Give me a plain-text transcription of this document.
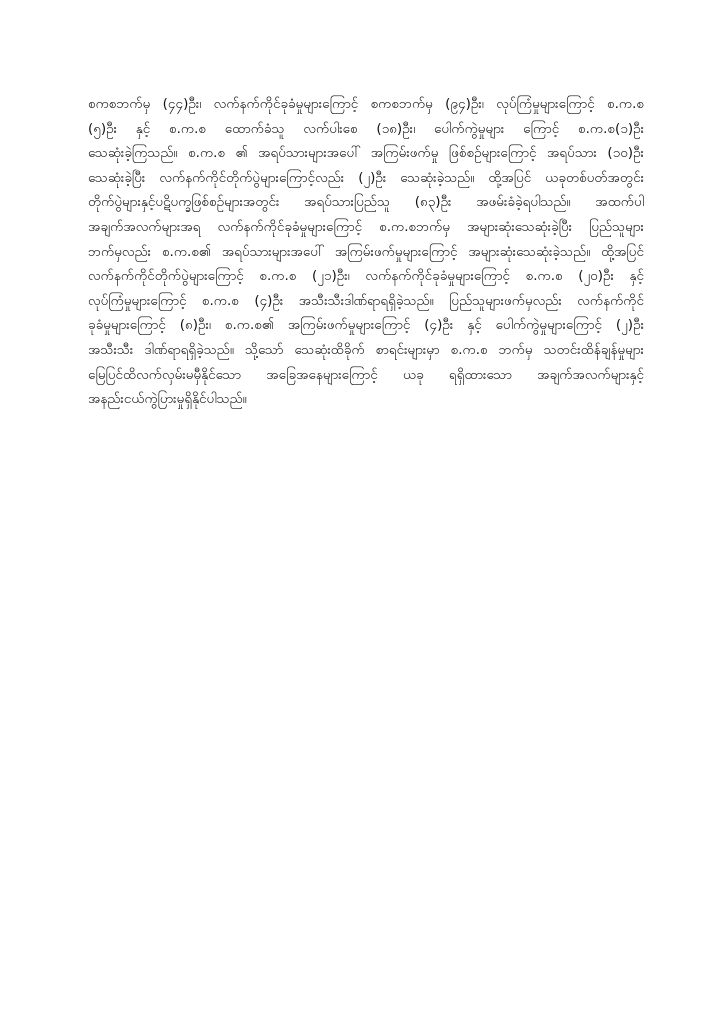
စကစဘက်မှ (၄၄)ဦး၊ လက်နက်ကိုင်ခုခံမှုများကြောင့် စကစဘက်မှ (၉၄)ဦး၊ လုပ်ကြံမှုများကြောင့် စ.က.စ
(၅)ဦး နှင့် စ.က.စ ထောက်ခံသူ လက်ပါးစေ (၁၈)ဦး၊ ပေါက်ကွဲမှုများ ကြောင့် စ.က.စ(၁)ဦး
သေဆုံးခဲ့ကြသည်။ စ.က.စ ၏ အရပ်သားများအပေါ် အကြမ်းဖက်မှု ဖြစ်စဥ်များကြောင့် အရပ်သား (၁၀)ဦး
သေဆုံးခဲ့ပြီး လက်နက်ကိုင်တိုက်ပွဲများကြောင့်လည်း (၂)ဦး သေဆုံးခဲ့သည်။ ထို့အပြင် ယခုတစ်ပတ်အတွင်း
တိုက်ပွဲများနှင့်ပဋိပက္ခဖြစ်စဥ်များအတွင်း အရပ်သားပြည်သူ (၈၃)ဦး အဖမ်းခံခဲ့ရပါသည်။ အထက်ပါ
အချက်အလက်များအရ လက်နက်ကိုင်ခုခံမှုများကြောင့် စ.က.စဘက်မှ အများဆုံးသေဆုံးခဲ့ပြီး ပြည်သူများ
ဘက်မှလည်း စ.က.စ၏ အရပ်သားများအပေါ် အကြမ်းဖက်မှုများကြောင့် အများဆုံးသေဆုံးခဲ့သည်။ ထို့အပြင်
လက်နက်ကိုင်တိုက်ပွဲများကြောင့် စ.က.စ (၂၁)ဦး၊ လက်နက်ကိုင်ခုခံမှုများကြောင့် စ.က.စ (၂၀)ဦး နှင့်
လုပ်ကြံမှုများကြောင့် စ.က.စ (၄)ဦး အသီးသီးဒါဏ်ရာရရှိခဲ့သည်။ ပြည်သူများဖက်မှလည်း လက်နက်ကိုင်
ခုခံမှုများကြောင့် (၈)ဦး၊ စ.က.စ၏ အကြမ်းဖက်မှုများကြောင့် (၄)ဦး နှင့် ပေါက်ကွဲမှုများကြောင့် (၂)ဦး
အသီးသီး ဒါဏ်ရာရရှိခဲ့သည်။ သို့သော် သေဆုံးထိခိုက် စာရင်းများမှာ စ.က.စ ဘက်မှ သတင်းထိန်ချန်မှုများ
မြေပြင်ထိလက်လှမ်းမမှီနိုင်သော အခြေအနေများကြောင့် ယခု ရရှိထားသော အချက်အလက်များနှင့်
အနည်းငယ်ကွဲပြားမှုရှိနိုင်ပါသည်။
